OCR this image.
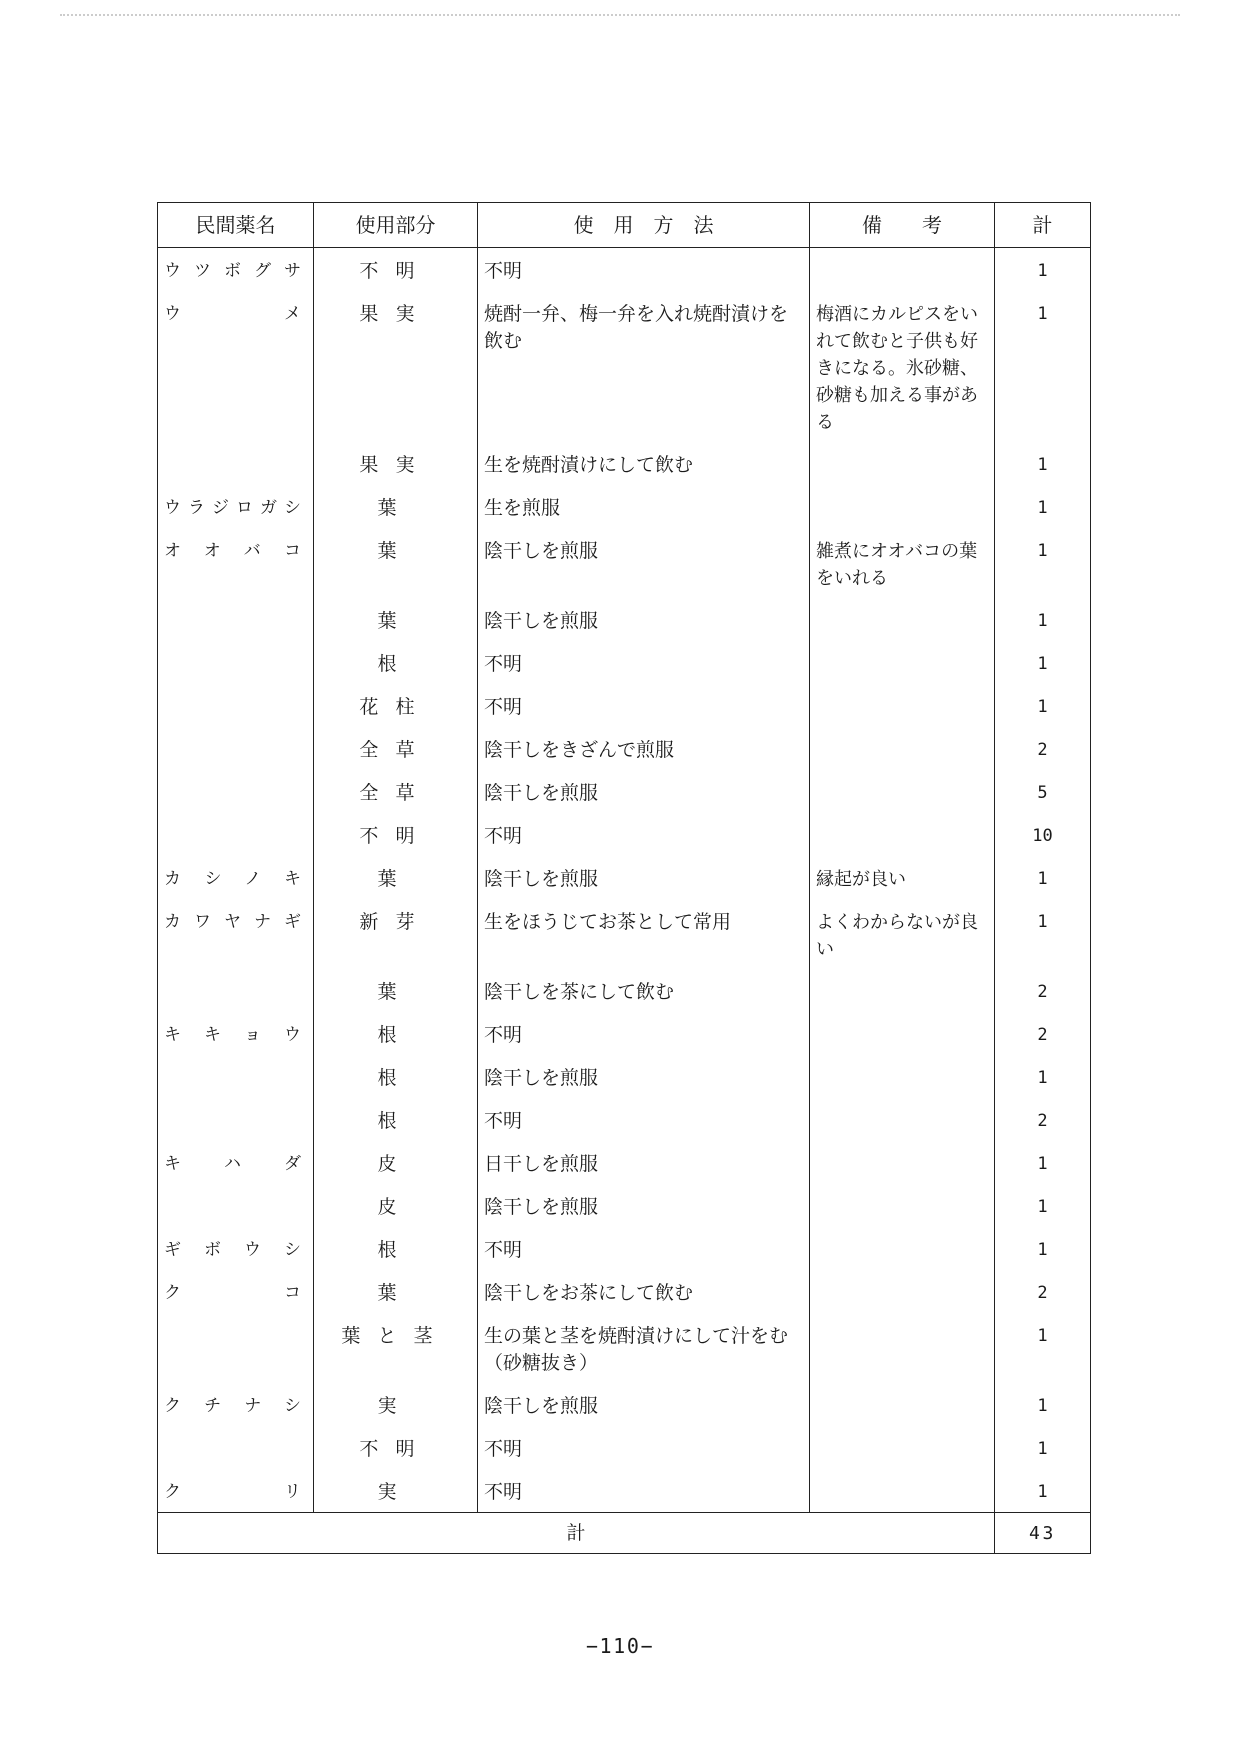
民間薬名	使用部分	使　用　方　法	備　　考	計
ウツボグサ	不明	不明		1
ウメ	果実	焼酎一弁、梅一弁を入れ焼酎漬けを飲む	梅酒にカルピスをいれて飲むと子供も好きになる。氷砂糖、砂糖も加える事がある	1
	果実	生を焼酎漬けにして飲む		1
ウラジロガシ	葉	生を煎服		1
オオバコ	葉	陰干しを煎服	雑煮にオオバコの葉をいれる	1
	葉	陰干しを煎服		1
	根	不明		1
	花柱	不明		1
	全草	陰干しをきざんで煎服		2
	全草	陰干しを煎服		5
	不明	不明		10
カシノキ	葉	陰干しを煎服	縁起が良い	1
カワヤナギ	新芽	生をほうじてお茶として常用	よくわからないが良い	1
	葉	陰干しを茶にして飲む		2
キキョウ	根	不明		2
	根	陰干しを煎服		1
	根	不明		2
キハダ	皮	日干しを煎服		1
	皮	陰干しを煎服		1
ギボウシ	根	不明		1
クコ	葉	陰干しをお茶にして飲む		2
	葉と茎	生の葉と茎を焼酎漬けにして汁をむ（砂糖抜き）		1
クチナシ	実	陰干しを煎服		1
	不明	不明		1
クリ	実	不明		1
計				43
−110−
